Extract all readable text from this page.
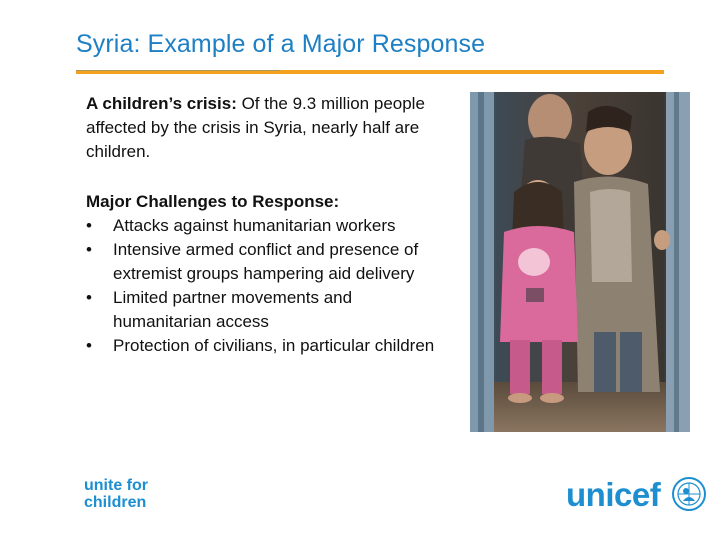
Syria: Example of a Major Response
A children’s crisis: Of the 9.3 million people affected by the crisis in Syria, nearly half are children.
Major Challenges to Response:
•	Attacks against humanitarian workers
•	Intensive armed conflict and presence of extremist groups hampering aid delivery
•	Limited partner movements and humanitarian access
•	Protection of civilians, in particular children
unite for
children	unicef
